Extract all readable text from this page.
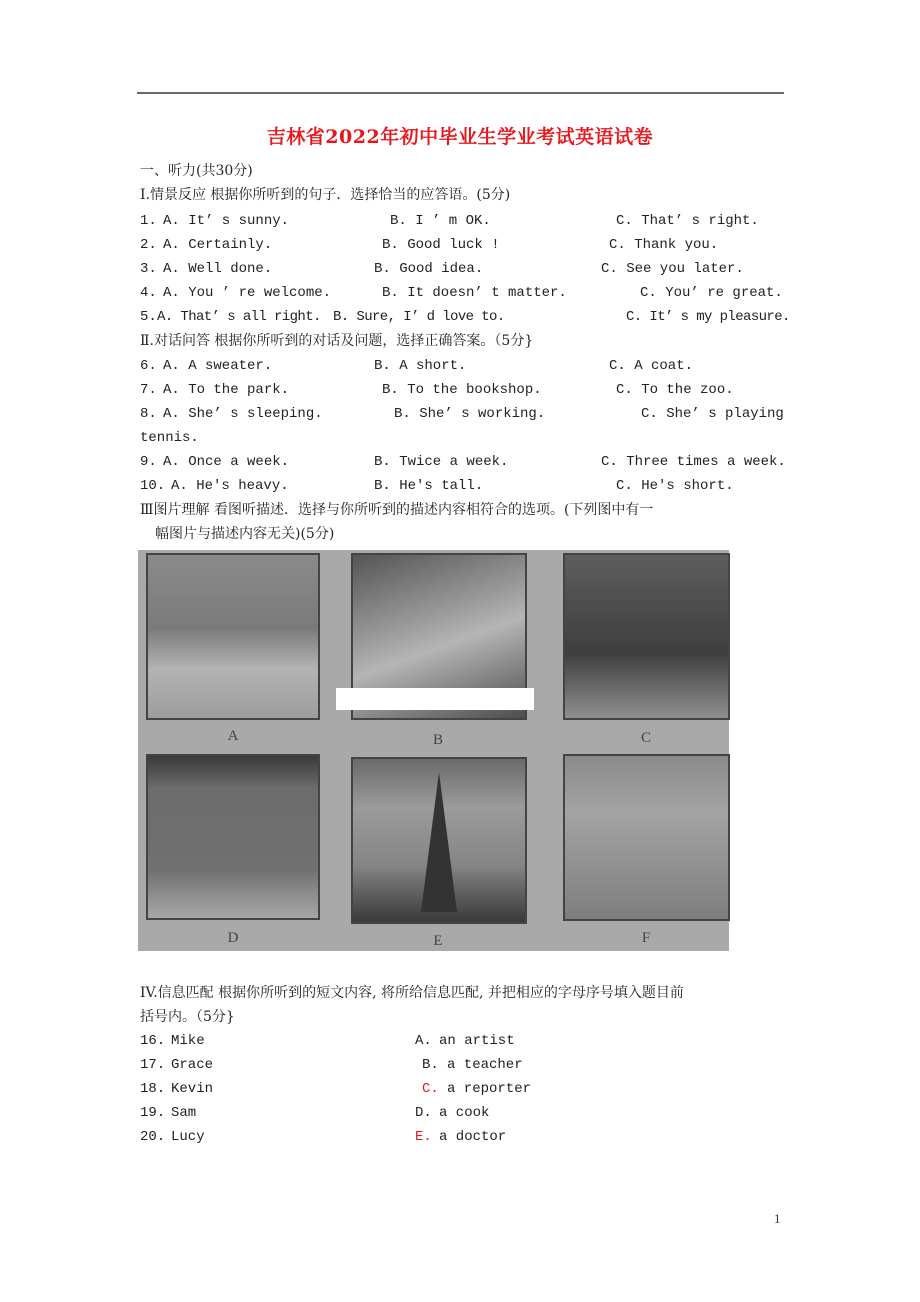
吉林省2022年初中毕业生学业考试英语试卷
一、听力(共30分)
I.情景反应 根据你所听到的句子．选择恰当的应答语。(5分)
1. A. It’ s sunny.	B. I ’ m OK.	C. That’ s right.
2. A. Certainly.	B. Good luck !	C. Thank you.
3. A. Well done.	B. Good idea.	C. See you later.
4. A. You ’ re welcome.	B. It doesn’ t matter.	C. You’ re great.
5. A. That’ s all right. B. Sure, I’ d love to.	C. It’ s my pleasure.
Ⅱ.对话问答 根据你所听到的对话及问题，选择正确答案。（5分}
6. A. A sweater.	B. A short.	C. A coat.
7. A. To the park.	B. To the bookshop.	C. To the zoo.
8. A. She’ s sleeping.	B. She’ s working.	C. She’ s playing
tennis.
9. A. Once a week.	B. Twice a week.	C. Three times a week.
10. A. He's heavy.	B. He's tall.	C. He's short.
Ⅲ图片理解 看图听描述．选择与你所听到的描述内容相符合的选项。(下列图中有一
幅图片与描述内容无关)(5分)
A	B	C
D	E	F
IV.信息匹配 根据你所听到的短文内容, 将所给信息匹配, 并把相应的字母序号填入题目前
括号内。（5分}
16. Mike	A. an artist
17. Grace	B. a teacher
18. Kevin	C. a reporter
19. Sam	D. a cook
20. Lucy	E. a doctor
1
